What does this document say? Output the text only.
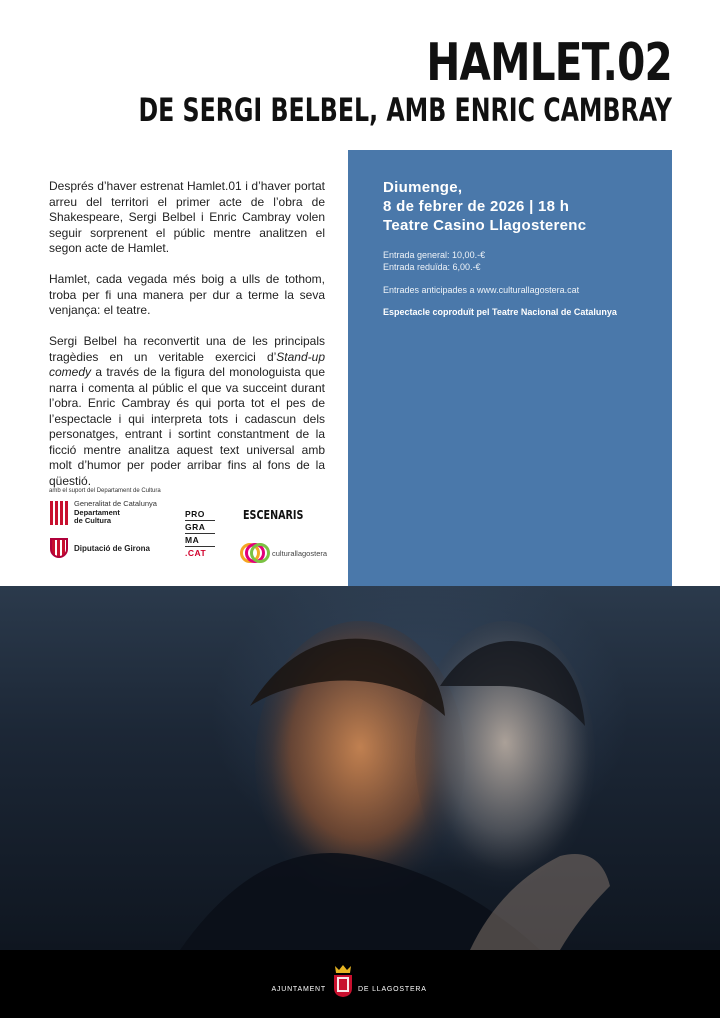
HAMLET.02
DE SERGI BELBEL, AMB ENRIC CAMBRAY

Després d’haver estrenat Hamlet.01 i d’haver portat arreu del territori el primer acte de l’obra de Shakespeare, Sergi Belbel i Enric Cambray volen seguir sorprenent el públic mentre analitzen el segon acte de Hamlet.

Hamlet, cada vegada més boig a ulls de tothom, troba per fi una manera per dur a terme la seva venjança: el teatre.

Sergi Belbel ha reconvertit una de les principals tragèdies en un veritable exercici d’Stand-up comedy a través de la figura del monologuista que narra i comenta al públic el que va succeint durant l’obra. Enric Cambray és qui porta tot el pes de l’espectacle i qui interpreta tots i cadascun dels personatges, entrant i sortint constantment de la ficció mentre analitza aquest text universal amb molt d’humor per poder arribar fins al fons de la qüestió.

amb el suport del Departament de Cultura
Generalitat de Catalunya
Departament
de Cultura
Diputació de Girona
PRO
GRA
MA
.CAT
ESCENARIS
culturallagostera
Diumenge,
8 de febrer de 2026 | 18 h
Teatre Casino Llagosterenc
Entrada general: 10,00.-€
Entrada reduïda: 6,00.-€
Entrades anticipades a www.culturallagostera.cat
Espectacle coproduït pel Teatre Nacional de Catalunya
AJUNTAMENT	DE LLAGOSTERA
